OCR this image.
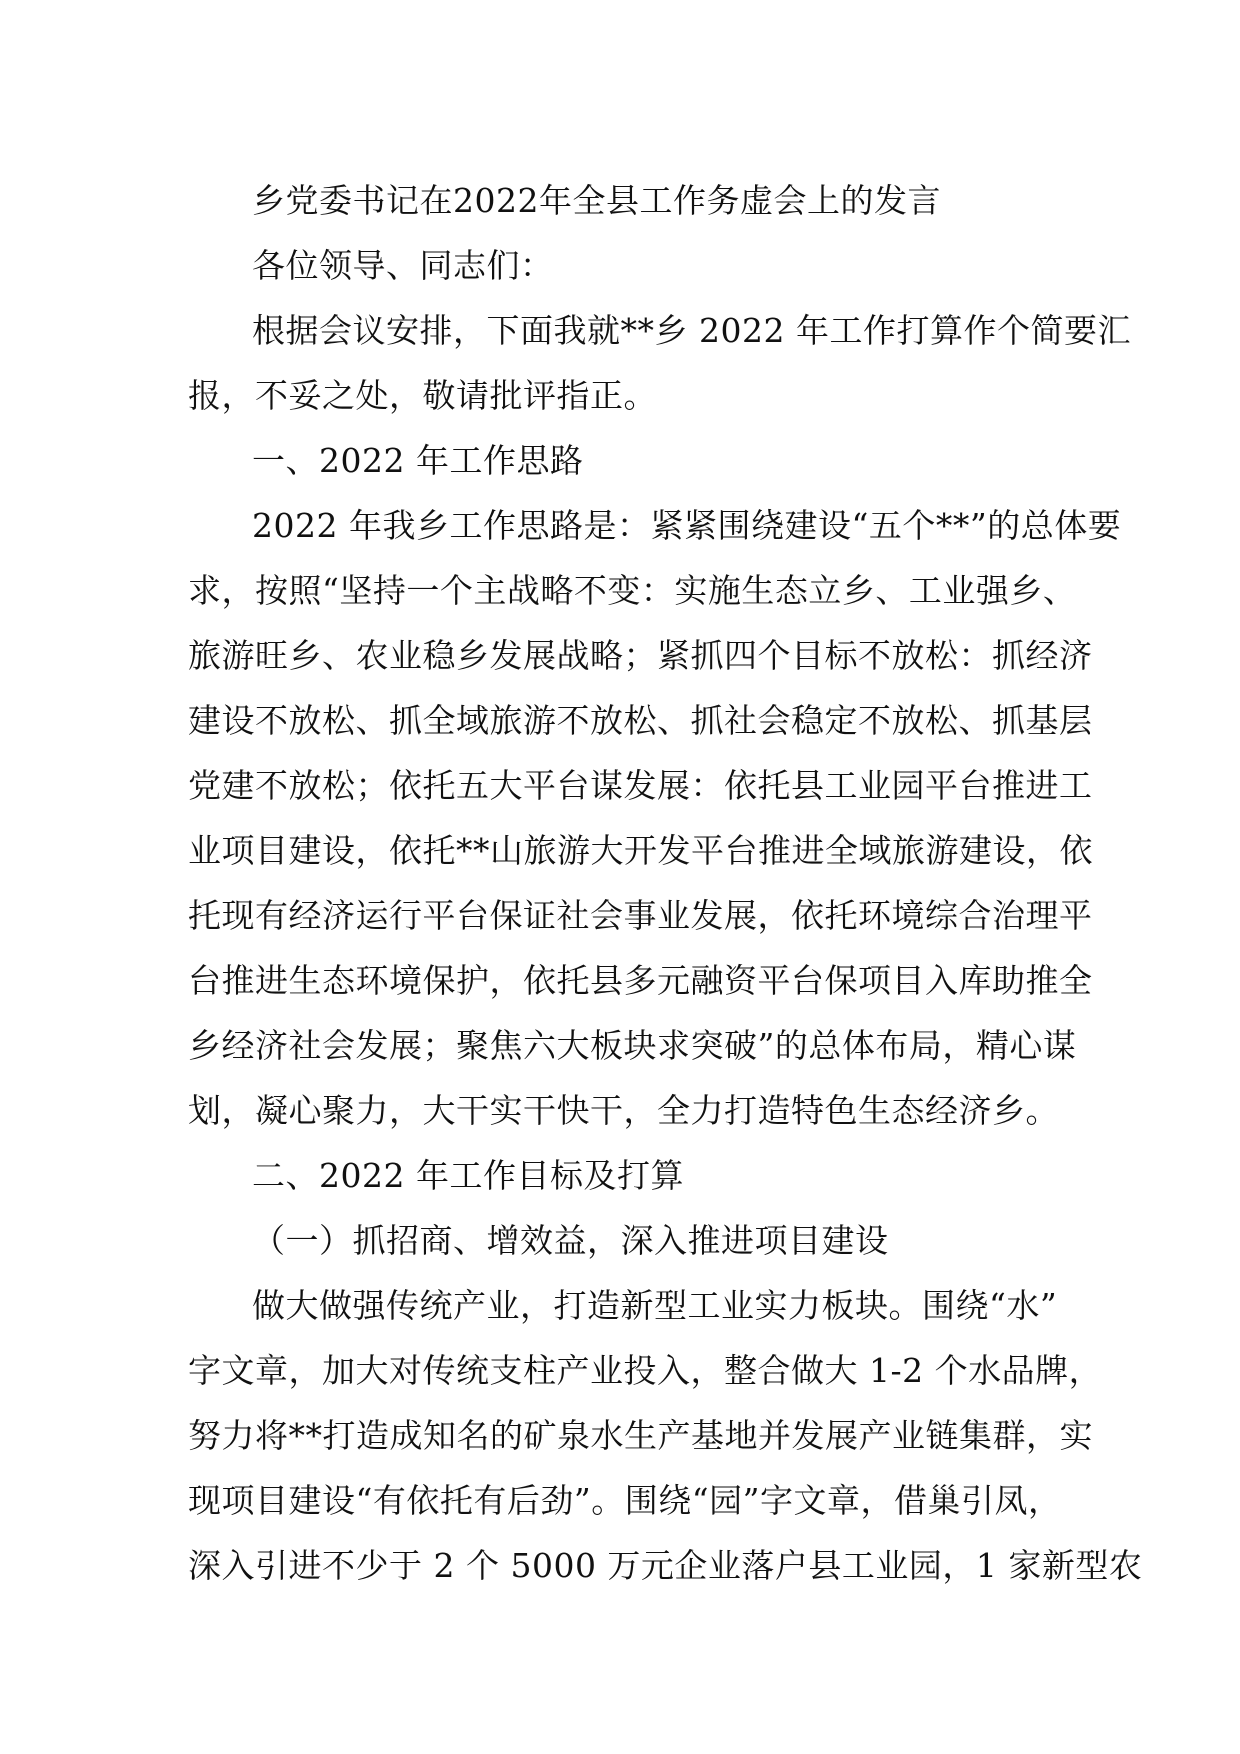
乡党委书记在2022年全县工作务虚会上的发言
各位领导、同志们：
根据会议安排，下面我就**乡 2022 年工作打算作个简要汇
报，不妥之处，敬请批评指正。
一、2022 年工作思路
2022 年我乡工作思路是：紧紧围绕建设“五个**”的总体要
求，按照“坚持一个主战略不变：实施生态立乡、工业强乡、
旅游旺乡、农业稳乡发展战略；紧抓四个目标不放松：抓经济
建设不放松、抓全域旅游不放松、抓社会稳定不放松、抓基层
党建不放松；依托五大平台谋发展：依托县工业园平台推进工
业项目建设，依托**山旅游大开发平台推进全域旅游建设，依
托现有经济运行平台保证社会事业发展，依托环境综合治理平
台推进生态环境保护，依托县多元融资平台保项目入库助推全
乡经济社会发展；聚焦六大板块求突破”的总体布局，精心谋
划，凝心聚力，大干实干快干，全力打造特色生态经济乡。
二、2022 年工作目标及打算
（一）抓招商、增效益，深入推进项目建设
做大做强传统产业，打造新型工业实力板块。围绕“水”
字文章，加大对传统支柱产业投入，整合做大 1-2 个水品牌，
努力将**打造成知名的矿泉水生产基地并发展产业链集群，实
现项目建设“有依托有后劲”。围绕“园”字文章，借巢引凤，
深入引进不少于 2 个 5000 万元企业落户县工业园，1 家新型农
